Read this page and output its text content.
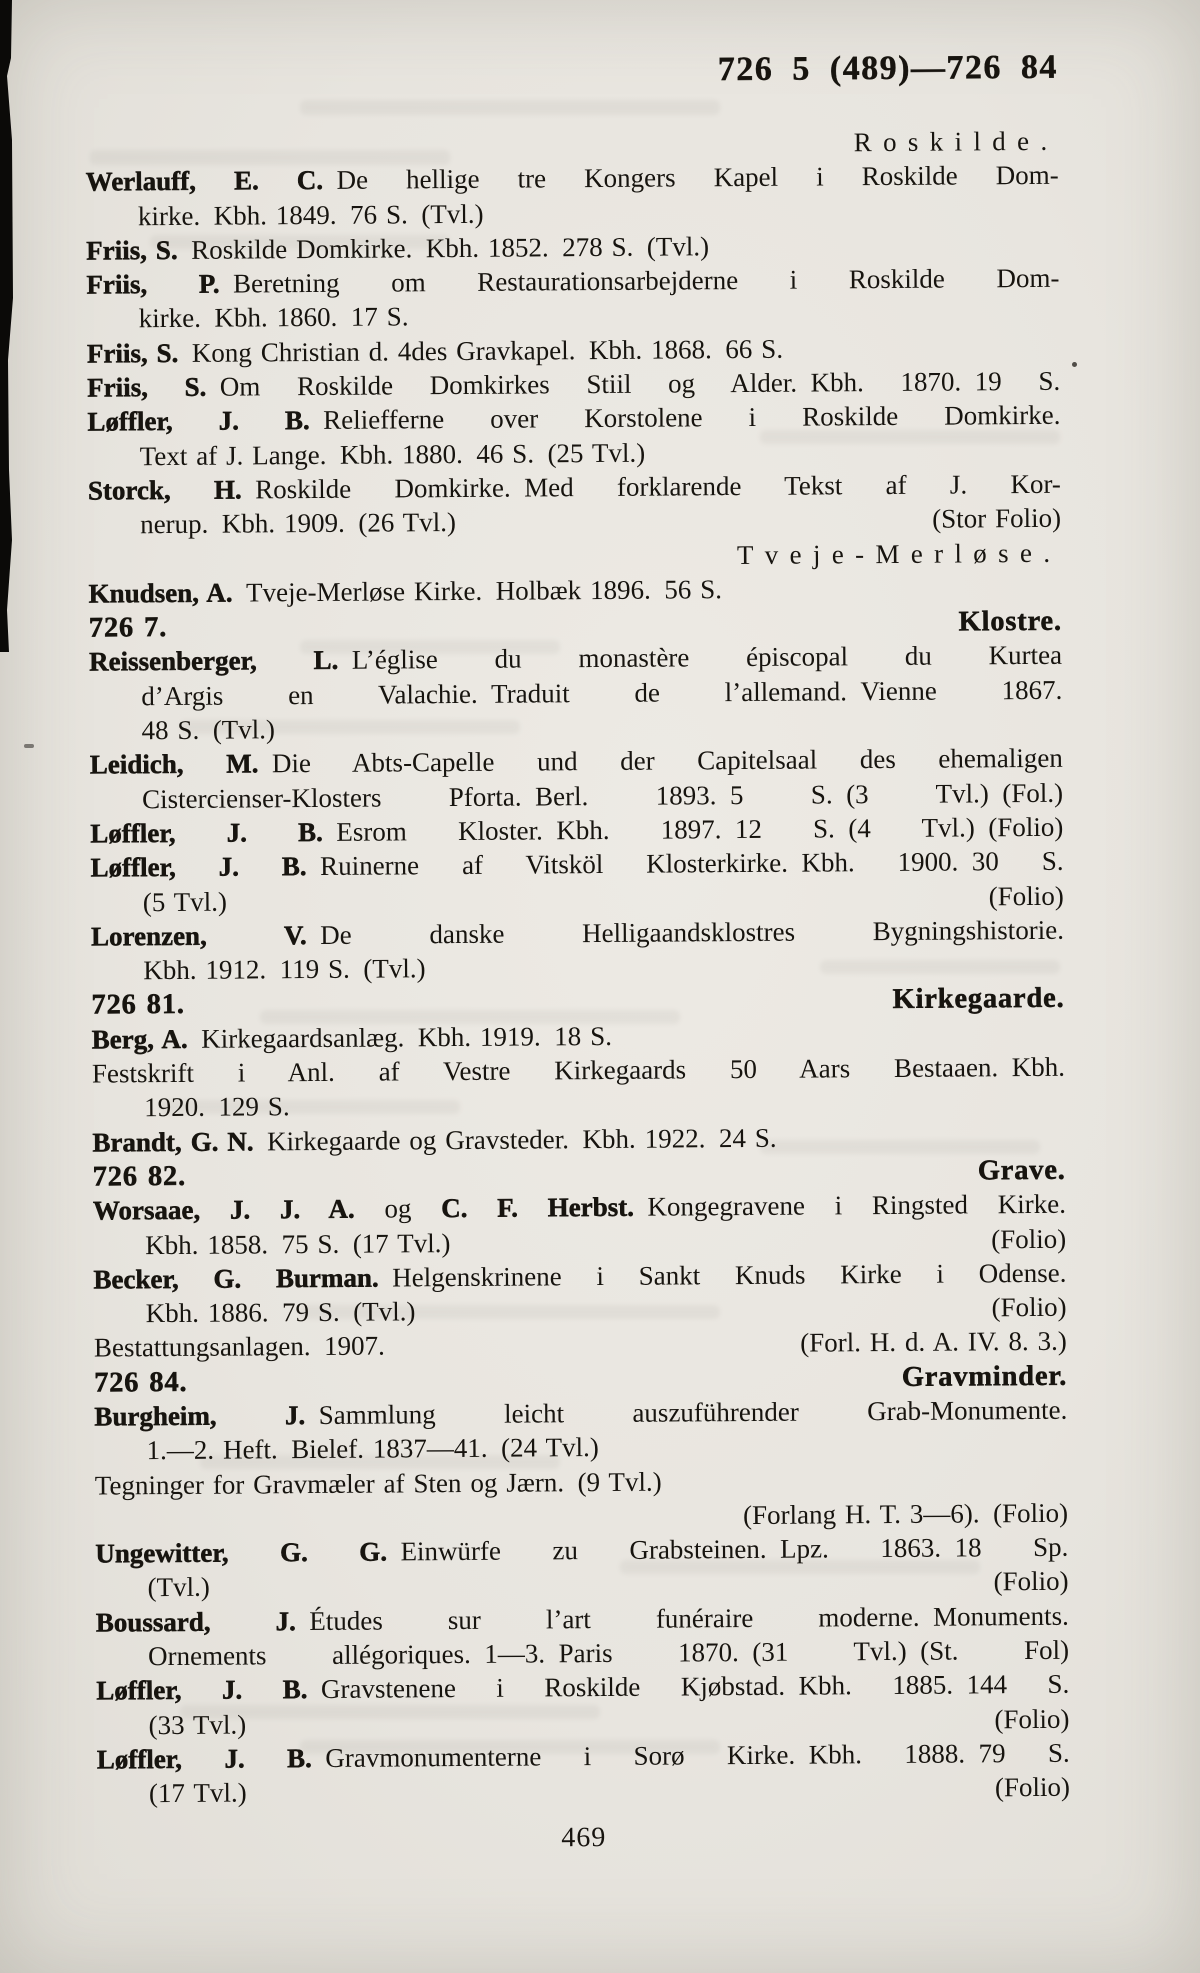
726 5 (489)—726 84
Roskilde.
Werlauff, E. C. De hellige tre Kongers Kapel i Roskilde Dom-
kirke. Kbh. 1849. 76 S. (Tvl.)
Friis, S. Roskilde Domkirke. Kbh. 1852. 278 S. (Tvl.)
Friis, P. Beretning om Restaurationsarbejderne i Roskilde Dom-
kirke. Kbh. 1860. 17 S.
Friis, S. Kong Christian d. 4des Gravkapel. Kbh. 1868. 66 S.
Friis, S. Om Roskilde Domkirkes Stiil og Alder. Kbh. 1870. 19 S.
Løffler, J. B. Reliefferne over Korstolene i Roskilde Domkirke.
Text af J. Lange. Kbh. 1880. 46 S. (25 Tvl.)
Storck, H. Roskilde Domkirke. Med forklarende Tekst af J. Kor-
nerup. Kbh. 1909. (26 Tvl.)	(Stor Folio)
Tveje-Merløse.
Knudsen, A. Tveje-Merløse Kirke. Holbæk 1896. 56 S.
726 7.	Klostre.
Reissenberger, L. L’église du monastère épiscopal du Kurtea
d’Argis en Valachie. Traduit de l’allemand. Vienne 1867.
48 S. (Tvl.)
Leidich, M. Die Abts-Capelle und der Capitelsaal des ehemaligen
Cistercienser-Klosters Pforta. Berl. 1893. 5 S. (3 Tvl.) (Fol.)
Løffler, J. B. Esrom Kloster. Kbh. 1897. 12 S. (4 Tvl.) (Folio)
Løffler, J. B. Ruinerne af Vitsköl Klosterkirke. Kbh. 1900. 30 S.
(5 Tvl.)	(Folio)
Lorenzen, V. De danske Helligaandsklostres Bygningshistorie.
Kbh. 1912. 119 S. (Tvl.)
726 81.	Kirkegaarde.
Berg, A. Kirkegaardsanlæg. Kbh. 1919. 18 S.
Festskrift i Anl. af Vestre Kirkegaards 50 Aars Bestaaen. Kbh.
1920. 129 S.
Brandt, G. N. Kirkegaarde og Gravsteder. Kbh. 1922. 24 S.
726 82.	Grave.
Worsaae, J. J. A. og C. F. Herbst. Kongegravene i Ringsted Kirke.
Kbh. 1858. 75 S. (17 Tvl.)	(Folio)
Becker, G. Burman. Helgenskrinene i Sankt Knuds Kirke i Odense.
Kbh. 1886. 79 S. (Tvl.)	(Folio)
Bestattungsanlagen. 1907.	(Forl. H. d. A. IV. 8. 3.)
726 84.	Gravminder.
Burgheim, J. Sammlung leicht auszuführender Grab-Monumente.
1.—2. Heft. Bielef. 1837—41. (24 Tvl.)
Tegninger for Gravmæler af Sten og Jærn. (9 Tvl.)
(Forlang H. T. 3—6). (Folio)
Ungewitter, G. G. Einwürfe zu Grabsteinen. Lpz. 1863. 18 Sp.
(Tvl.)	(Folio)
Boussard, J. Études sur l’art funéraire moderne. Monuments.
Ornements allégoriques. 1—3. Paris 1870. (31 Tvl.) (St. Fol)
Løffler, J. B. Gravstenene i Roskilde Kjøbstad. Kbh. 1885. 144 S.
(33 Tvl.)	(Folio)
Løffler, J. B. Gravmonumenterne i Sorø Kirke. Kbh. 1888. 79 S.
(17 Tvl.)	(Folio)
469
